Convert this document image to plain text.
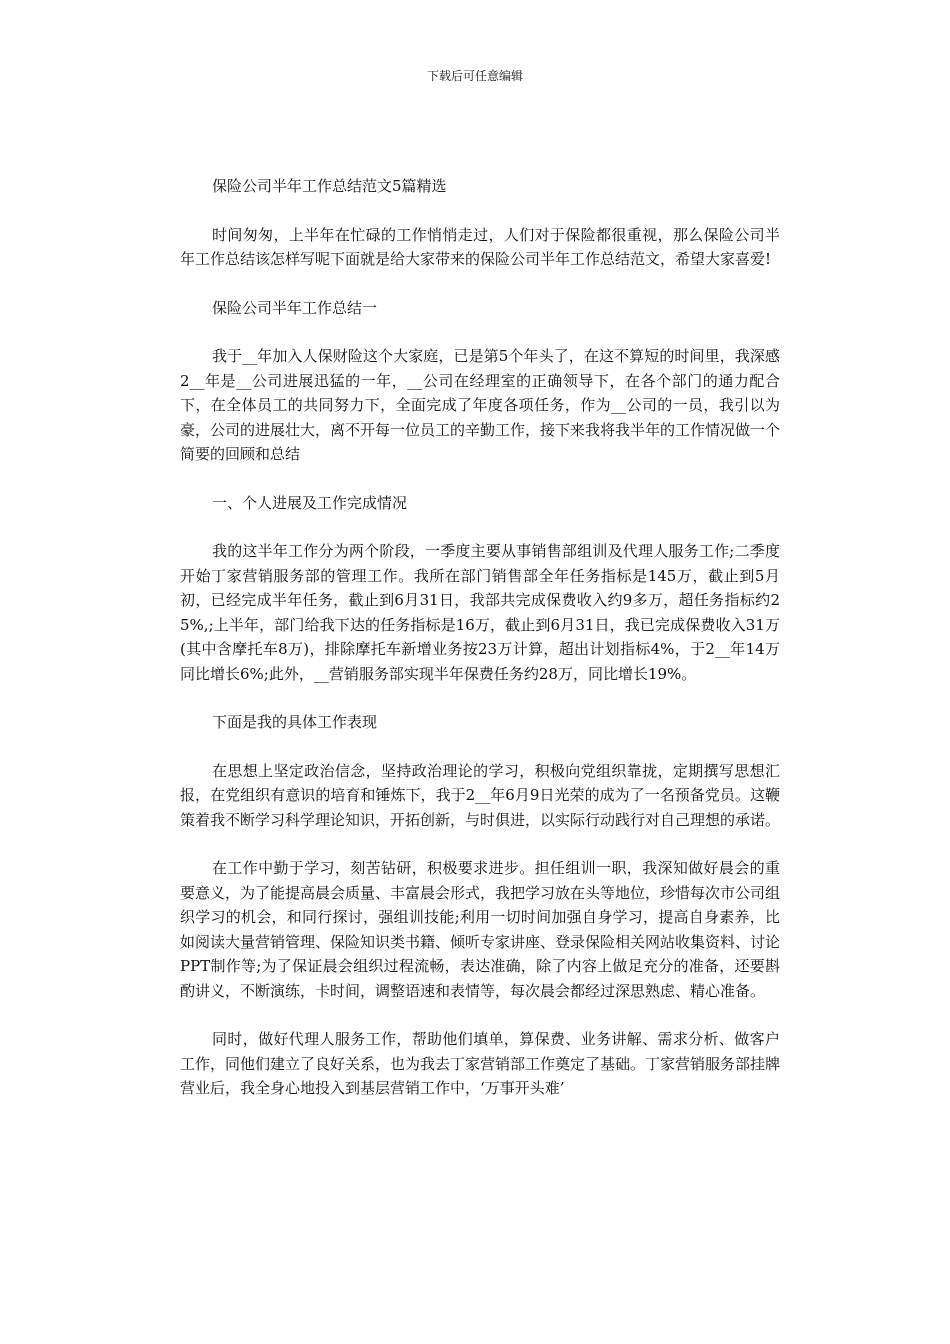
下载后可任意编辑

保险公司半年工作总结范文5篇精选

时间匆匆，上半年在忙碌的工作悄悄走过，人们对于保险都很重视，那么保险公司半年工作总结该怎样写呢下面就是给大家带来的保险公司半年工作总结范文，希望大家喜爱!

保险公司半年工作总结一

我于__年加入人保财险这个大家庭，已是第5个年头了，在这不算短的时间里，我深感2__年是__公司进展迅猛的一年，__公司在经理室的正确领导下，在各个部门的通力配合下，在全体员工的共同努力下，全面完成了年度各项任务，作为__公司的一员，我引以为豪，公司的进展壮大，离不开每一位员工的辛勤工作，接下来我将我半年的工作情况做一个简要的回顾和总结

一、个人进展及工作完成情况

我的这半年工作分为两个阶段，一季度主要从事销售部组训及代理人服务工作;二季度开始丁家营销服务部的管理工作。我所在部门销售部全年任务指标是145万，截止到5月初，已经完成半年任务，截止到6月31日，我部共完成保费收入约9多万，超任务指标约25%,;上半年，部门给我下达的任务指标是16万，截止到6月31日，我已完成保费收入31万(其中含摩托车8万)，排除摩托车新增业务按23万计算，超出计划指标4%，于2__年14万同比增长6%;此外，__营销服务部实现半年保费任务约28万，同比增长19%。

下面是我的具体工作表现

在思想上坚定政治信念，坚持政治理论的学习，积极向党组织靠拢，定期撰写思想汇报，在党组织有意识的培育和锤炼下，我于2__年6月9日光荣的成为了一名预备党员。这鞭策着我不断学习科学理论知识，开拓创新，与时俱进，以实际行动践行对自己理想的承诺。

在工作中勤于学习，刻苦钻研，积极要求进步。担任组训一职，我深知做好晨会的重要意义，为了能提高晨会质量、丰富晨会形式，我把学习放在头等地位，珍惜每次市公司组织学习的机会，和同行探讨，强组训技能;利用一切时间加强自身学习，提高自身素养，比如阅读大量营销管理、保险知识类书籍、倾听专家讲座、登录保险相关网站收集资料、讨论PPT制作等;为了保证晨会组织过程流畅，表达准确，除了内容上做足充分的准备，还要斟酌讲义，不断演练，卡时间，调整语速和表情等，每次晨会都经过深思熟虑、精心准备。

同时，做好代理人服务工作，帮助他们填单，算保费、业务讲解、需求分析、做客户工作，同他们建立了良好关系，也为我去丁家营销部工作奠定了基础。丁家营销服务部挂牌营业后，我全身心地投入到基层营销工作中，‘万事开头难’
